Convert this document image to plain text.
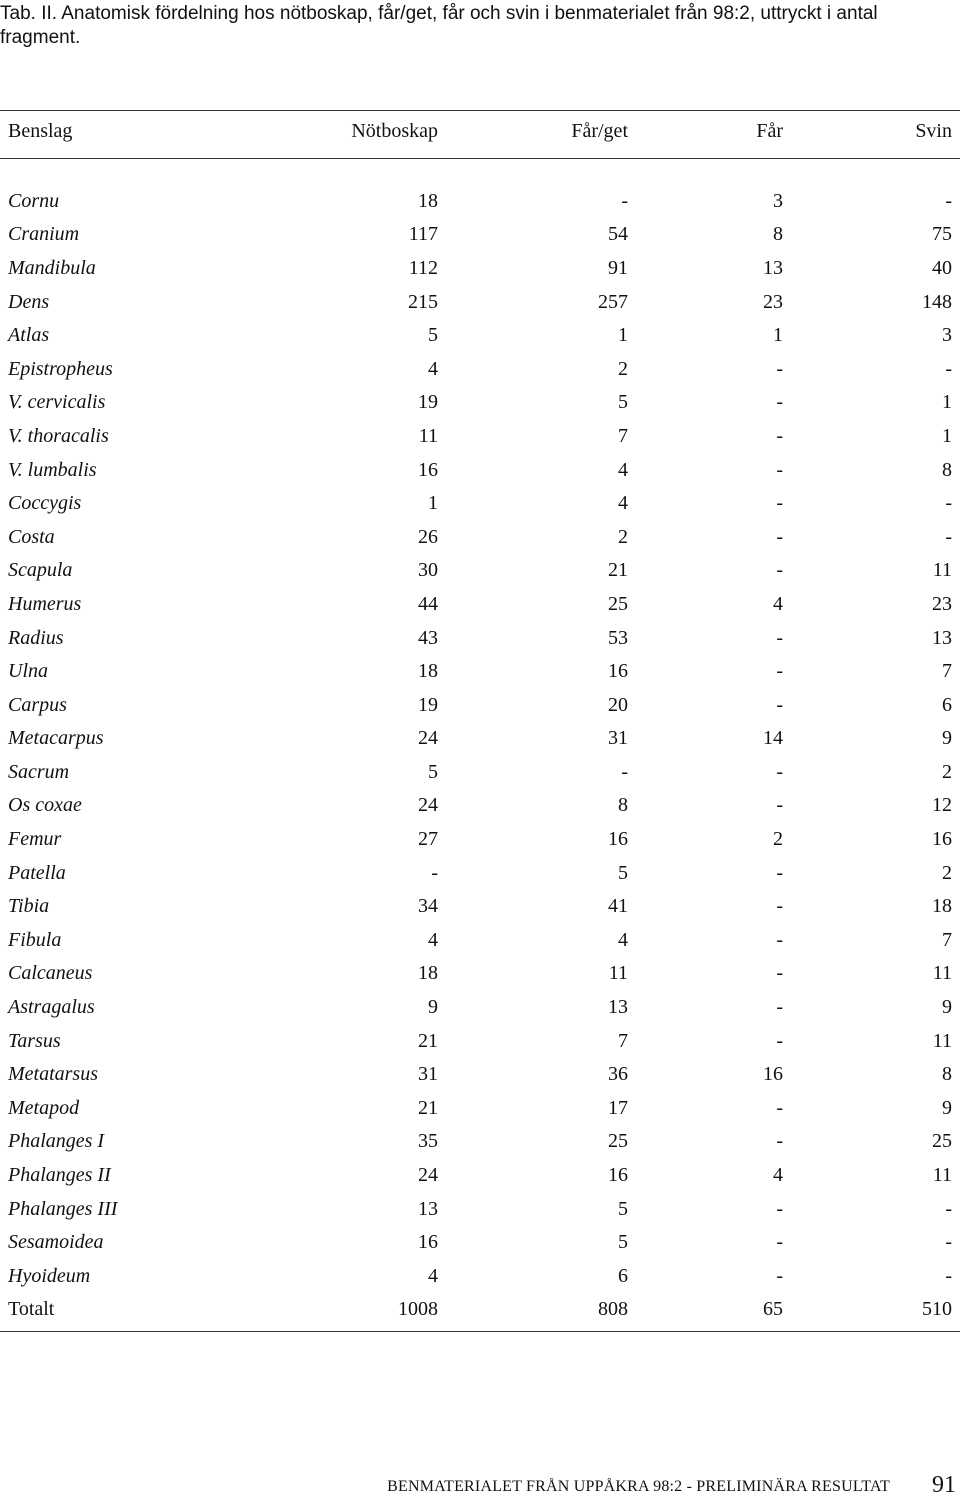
Tab. II. Anatomisk fördelning hos nötboskap, får/get, får och svin i benmaterialet från 98:2, uttryckt i antal fragment.
Benslag	Nötboskap	Får/get	Får	Svin

Cornu	18	-	3	-
Cranium	117	54	8	75
Mandibula	112	91	13	40
Dens	215	257	23	148
Atlas	5	1	1	3
Epistropheus	4	2	-	-
V. cervicalis	19	5	-	1
V. thoracalis	11	7	-	1
V. lumbalis	16	4	-	8
Coccygis	1	4	-	-
Costa	26	2	-	-
Scapula	30	21	-	11
Humerus	44	25	4	23
Radius	43	53	-	13
Ulna	18	16	-	7
Carpus	19	20	-	6
Metacarpus	24	31	14	9
Sacrum	5	-	-	2
Os coxae	24	8	-	12
Femur	27	16	2	16
Patella	-	5	-	2
Tibia	34	41	-	18
Fibula	4	4	-	7
Calcaneus	18	11	-	11
Astragalus	9	13	-	9
Tarsus	21	7	-	11
Metatarsus	31	36	16	8
Metapod	21	17	-	9
Phalanges I	35	25	-	25
Phalanges II	24	16	4	11
Phalanges III	13	5	-	-
Sesamoidea	16	5	-	-
Hyoideum	4	6	-	-
Totalt	1008	808	65	510
BENMATERIALET FRÅN UPPÅKRA 98:2 - PRELIMINÄRA RESULTAT 91
